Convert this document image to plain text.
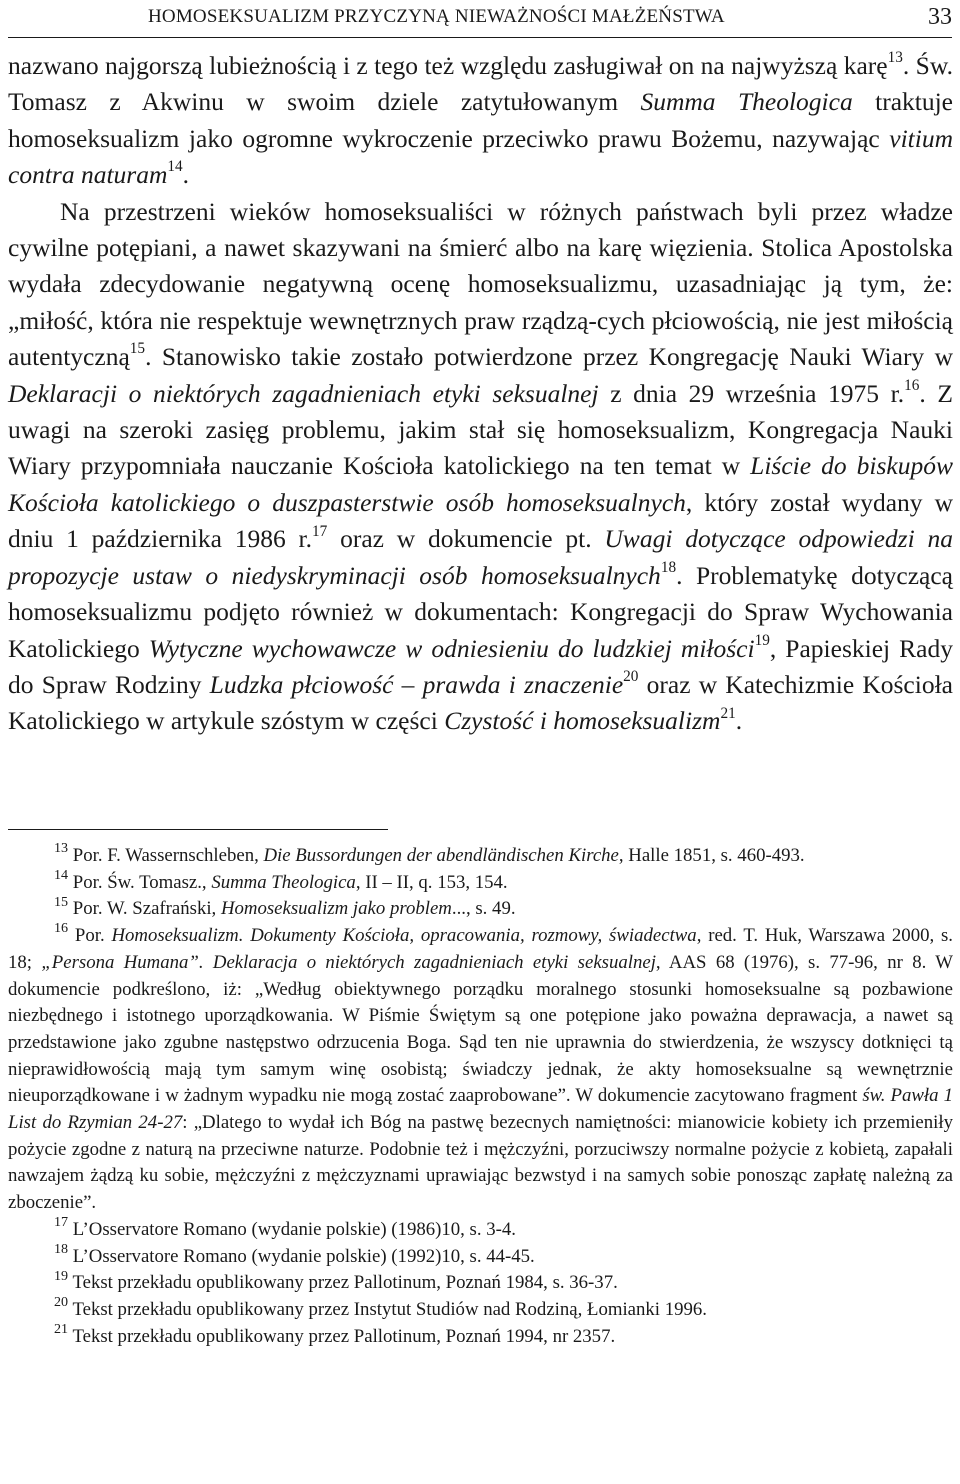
HOMOSEKSUALIZM PRZYCZYNĄ NIEWAŻNOŚCI MAŁŻEŃSTWA	33

nazwano najgorszą lubieżnością i z tego też względu zasługiwał on na najwyższą karę$^{13}$. Św. Tomasz z Akwinu w swoim dziele zatytułowanym Summa Theologica traktuje homoseksualizm jako ogromne wykroczenie przeciwko prawu Bożemu, nazywając vitium contra naturam$^{14}$.

Na przestrzeni wieków homoseksualiści w różnych państwach byli przez władze cywilne potępiani, a nawet skazywani na śmierć albo na karę więzienia. Stolica Apostolska wydała zdecydowanie negatywną ocenę homoseksualizmu, uzasadniając ją tym, że: „miłość, która nie respektuje wewnętrznych praw rządzą-cych płciowością, nie jest miłością autentyczną$^{15}$. Stanowisko takie zostało potwierdzone przez Kongregację Nauki Wiary w Deklaracji o niektórych zagadnieniach etyki seksualnej z dnia 29 września 1975 r.$^{16}$. Z uwagi na szeroki zasięg problemu, jakim stał się homoseksualizm, Kongregacja Nauki Wiary przypomniała nauczanie Kościoła katolickiego na ten temat w Liście do biskupów Kościoła katolickiego o duszpasterstwie osób homoseksualnych, który został wydany w dniu 1 października 1986 r.$^{17}$ oraz w dokumencie pt. Uwagi dotyczące odpowiedzi na propozycje ustaw o niedyskryminacji osób homoseksualnych$^{18}$. Problematykę dotyczącą homoseksualizmu podjęto również w dokumentach: Kongregacji do Spraw Wychowania Katolickiego Wytyczne wychowawcze w odniesieniu do ludzkiej miłości$^{19}$, Papieskiej Rady do Spraw Rodziny Ludzka płciowość – prawda i znaczenie$^{20}$ oraz w Katechizmie Kościoła Katolickiego w artykule szóstym w części Czystość i homoseksualizm$^{21}$.

$^{13}$ Por. F. Wassernschleben, Die Bussordungen der abendländischen Kirche, Halle 1851, s. 460-493.

$^{14}$ Por. Św. Tomasz., Summa Theologica, II – II, q. 153, 154.

$^{15}$ Por. W. Szafrański, Homoseksualizm jako problem..., s. 49.

$^{16}$ Por. Homoseksualizm. Dokumenty Kościoła, opracowania, rozmowy, świadectwa, red. T. Huk, Warszawa 2000, s. 18; „Persona Humana”. Deklaracja o niektórych zagadnieniach etyki seksualnej, AAS 68 (1976), s. 77-96, nr 8. W dokumencie podkreślono, iż: „Według obiektywnego porządku moralnego stosunki homoseksualne są pozbawione niezbędnego i istotnego uporządkowania. W Piśmie Świętym są one potępione jako poważna deprawacja, a nawet są przedstawione jako zgubne następstwo odrzucenia Boga. Sąd ten nie uprawnia do stwierdzenia, że wszyscy dotknięci tą nieprawidłowością mają tym samym winę osobistą; świadczy jednak, że akty homoseksualne są wewnętrznie nieuporządkowane i w żadnym wypadku nie mogą zostać zaaprobowane”. W dokumencie zacytowano fragment św. Pawła 1 List do Rzymian 24-27: „Dlatego to wydał ich Bóg na pastwę bezecnych namiętności: mianowicie kobiety ich przemieniły pożycie zgodne z naturą na przeciwne naturze. Podobnie też i mężczyźni, porzuciwszy normalne pożycie z kobietą, zapałali nawzajem żądzą ku sobie, mężczyźni z mężczyznami uprawiając bezwstyd i na samych sobie ponosząc zapłatę należną za zboczenie”.

$^{17}$ L’Osservatore Romano (wydanie polskie) (1986)10, s. 3-4.

$^{18}$ L’Osservatore Romano (wydanie polskie) (1992)10, s. 44-45.

$^{19}$ Tekst przekładu opublikowany przez Pallotinum, Poznań 1984, s. 36-37.

$^{20}$ Tekst przekładu opublikowany przez Instytut Studiów nad Rodziną, Łomianki 1996.

$^{21}$ Tekst przekładu opublikowany przez Pallotinum, Poznań 1994, nr 2357.
